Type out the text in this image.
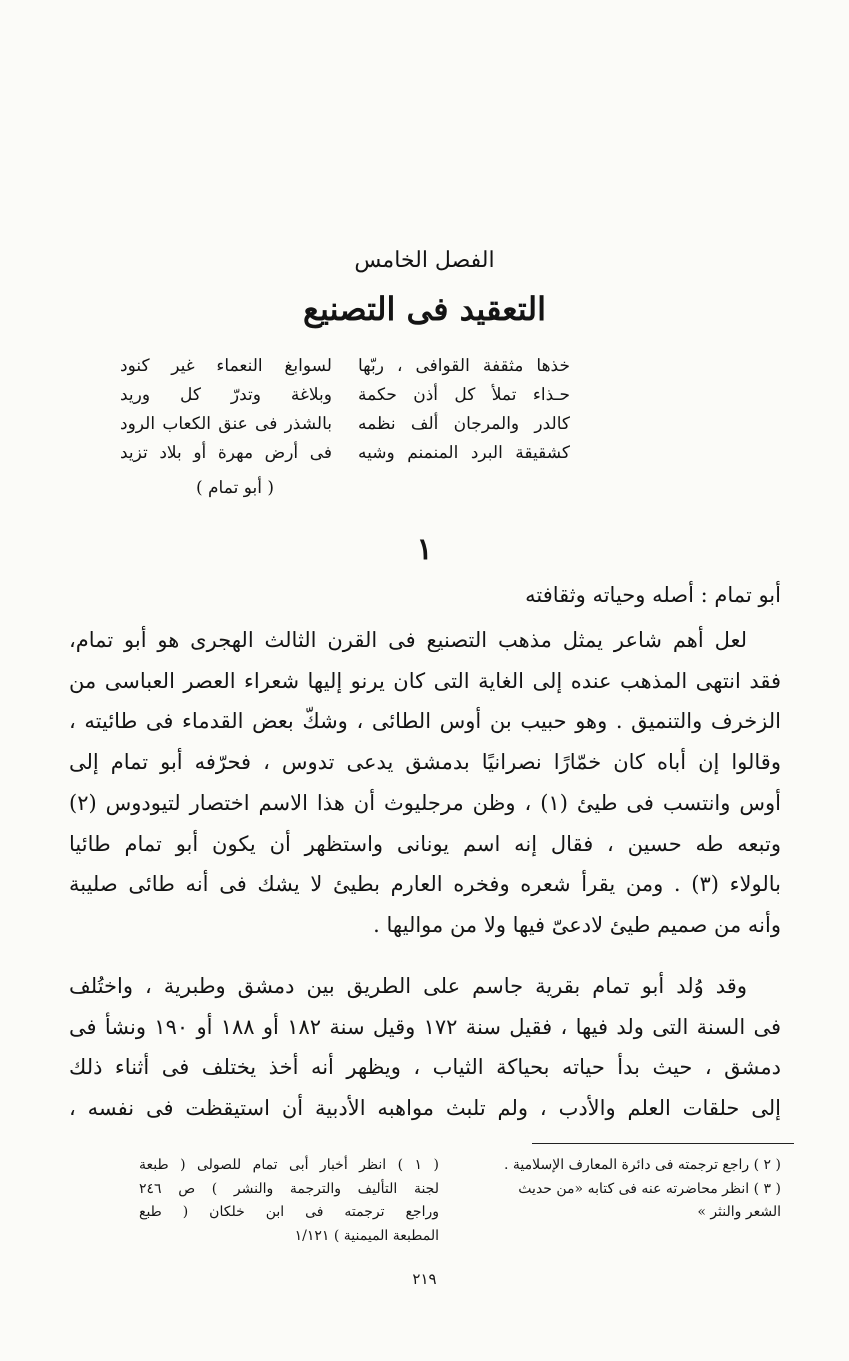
الفصل الخامس
التعقيد فى التصنيع
خذها مثقفة القوافى ، ربّها
لسوابغ النعماء غير كنود
حـذاء تملأ كل أذن حكمة
وبلاغة وتدرّ كل وريد
كالدر والمرجان ألف نظمه
بالشذر فى عنق الكعاب الرود
كشقيقة البرد المنمنم وشيه
فى أرض مهرة أو بلاد تزيد
( أبو تمام )
١
أبو تمام : أصله وحياته وثقافته
لعل أهم شاعر يمثل مذهب التصنيع فى القرن الثالث الهجرى هو أبو تمام،
فقد انتهى المذهب عنده إلى الغاية التى كان يرنو إليها شعراء العصر العباسى من
الزخرف والتنميق . وهو حبيب بن أوس الطائى ، وشكّ بعض القدماء فى طائيته ،
وقالوا إن أباه كان خمّارًا نصرانيًا بدمشق يدعى تدوس ، فحرّفه أبو تمام إلى
أوس وانتسب فى طيئ (١) ، وظن مرجليوث أن هذا الاسم اختصار لتيودوس (٢)
وتبعه طه حسين ، فقال إنه اسم يونانى واستظهر أن يكون أبو تمام طائيا
بالولاء (٣) . ومن يقرأ شعره وفخره العارم بطيئ لا يشك فى أنه طائى صليبة
وأنه من صميم طيئ لادعىّ فيها ولا من مواليها .
وقد وُلد أبو تمام بقرية جاسم على الطريق بين دمشق وطبرية ، واختُلف
فى السنة التى ولد فيها ، فقيل سنة ١٧٢ وقيل سنة ١٨٢ أو ١٨٨ أو ١٩٠ ونشأ فى
دمشق ، حيث بدأ حياته بحياكة الثياب ، ويظهر أنه أخذ يختلف فى أثناء ذلك
إلى حلقات العلم والأدب ، ولم تلبث مواهبه الأدبية أن استيقظت فى نفسه ،
( ١ ) انظر أخبار أبى تمام للصولى ( طبعة
لجنة التأليف والترجمة والنشر ) ص ٢٤٦
وراجع ترجمته فى ابن خلكان ( طبع
المطبعة الميمنية ) ١/١٢١
( ٢ ) راجع ترجمته فى دائرة المعارف الإسلامية .
( ٣ ) انظر محاضرته عنه فى كتابه «من حديث
الشعر والنثر »
٢١٩
